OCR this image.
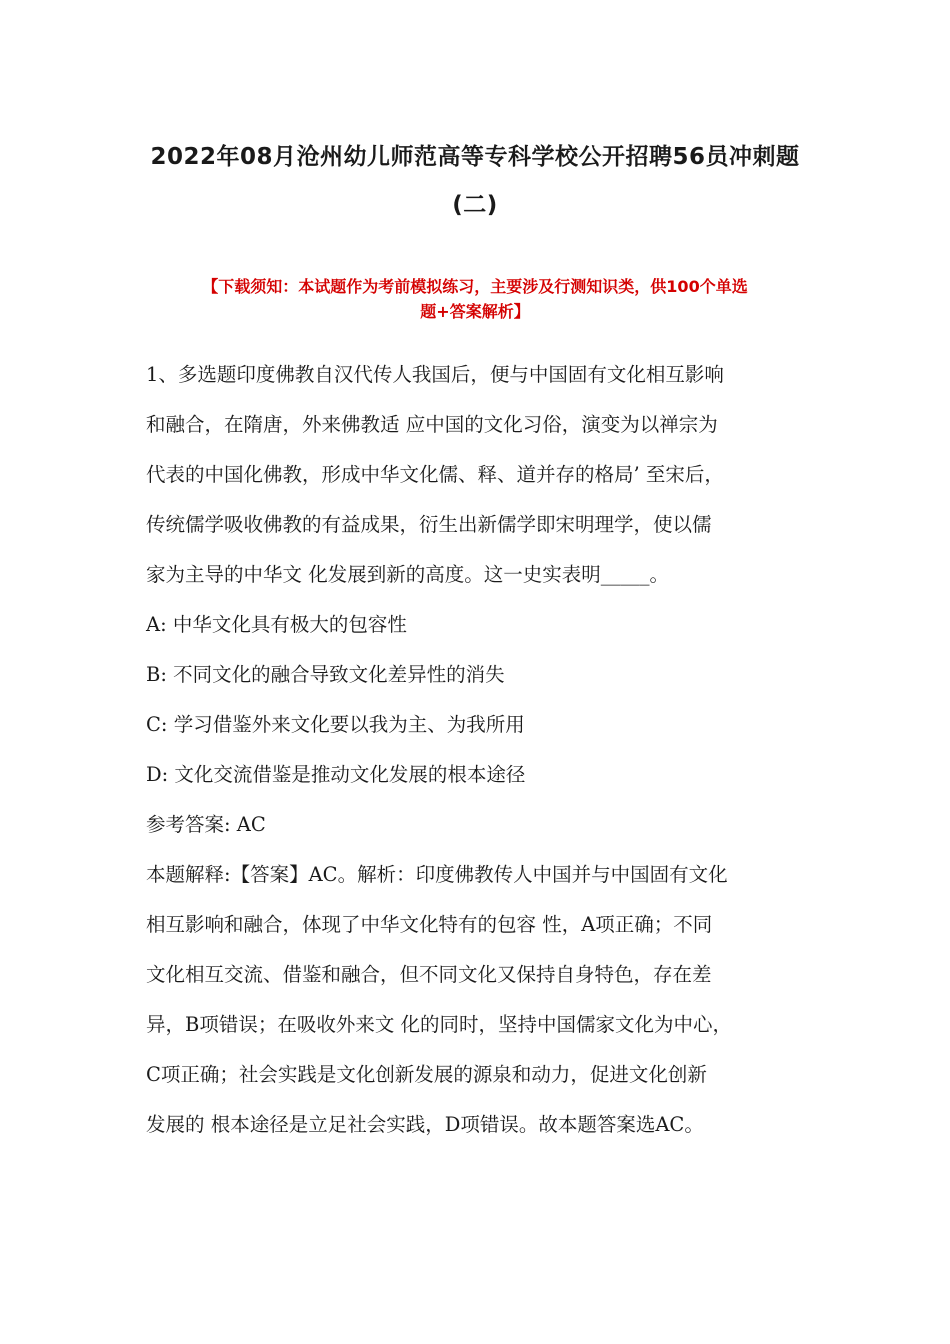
2022年08月沧州幼儿师范高等专科学校公开招聘56员冲刺题
(二)

【下载须知：本试题作为考前模拟练习，主要涉及行测知识类，供100个单选
题+答案解析】

1、多选题印度佛教自汉代传人我国后，便与中国固有文化相互影响
和融合，在隋唐，外来佛教适 应中国的文化习俗，演变为以禅宗为
代表的中国化佛教，形成中华文化儒、释、道并存的格局’ 至宋后，
传统儒学吸收佛教的有益成果，衍生出新儒学即宋明理学，使以儒
家为主导的中华文 化发展到新的高度。这一史实表明_____。
A: 中华文化具有极大的包容性
B: 不同文化的融合导致文化差异性的消失
C: 学习借鉴外来文化要以我为主、为我所用
D: 文化交流借鉴是推动文化发展的根本途径
参考答案: AC
本题解释:【答案】AC。解析：印度佛教传人中国并与中国固有文化
相互影响和融合，体现了中华文化特有的包容 性，A项正确；不同
文化相互交流、借鉴和融合，但不同文化又保持自身特色，存在差
异，B项错误；在吸收外来文 化的同时，坚持中国儒家文化为中心，
C项正确；社会实践是文化创新发展的源泉和动力，促进文化创新
发展的 根本途径是立足社会实践，D项错误。故本题答案选AC。
